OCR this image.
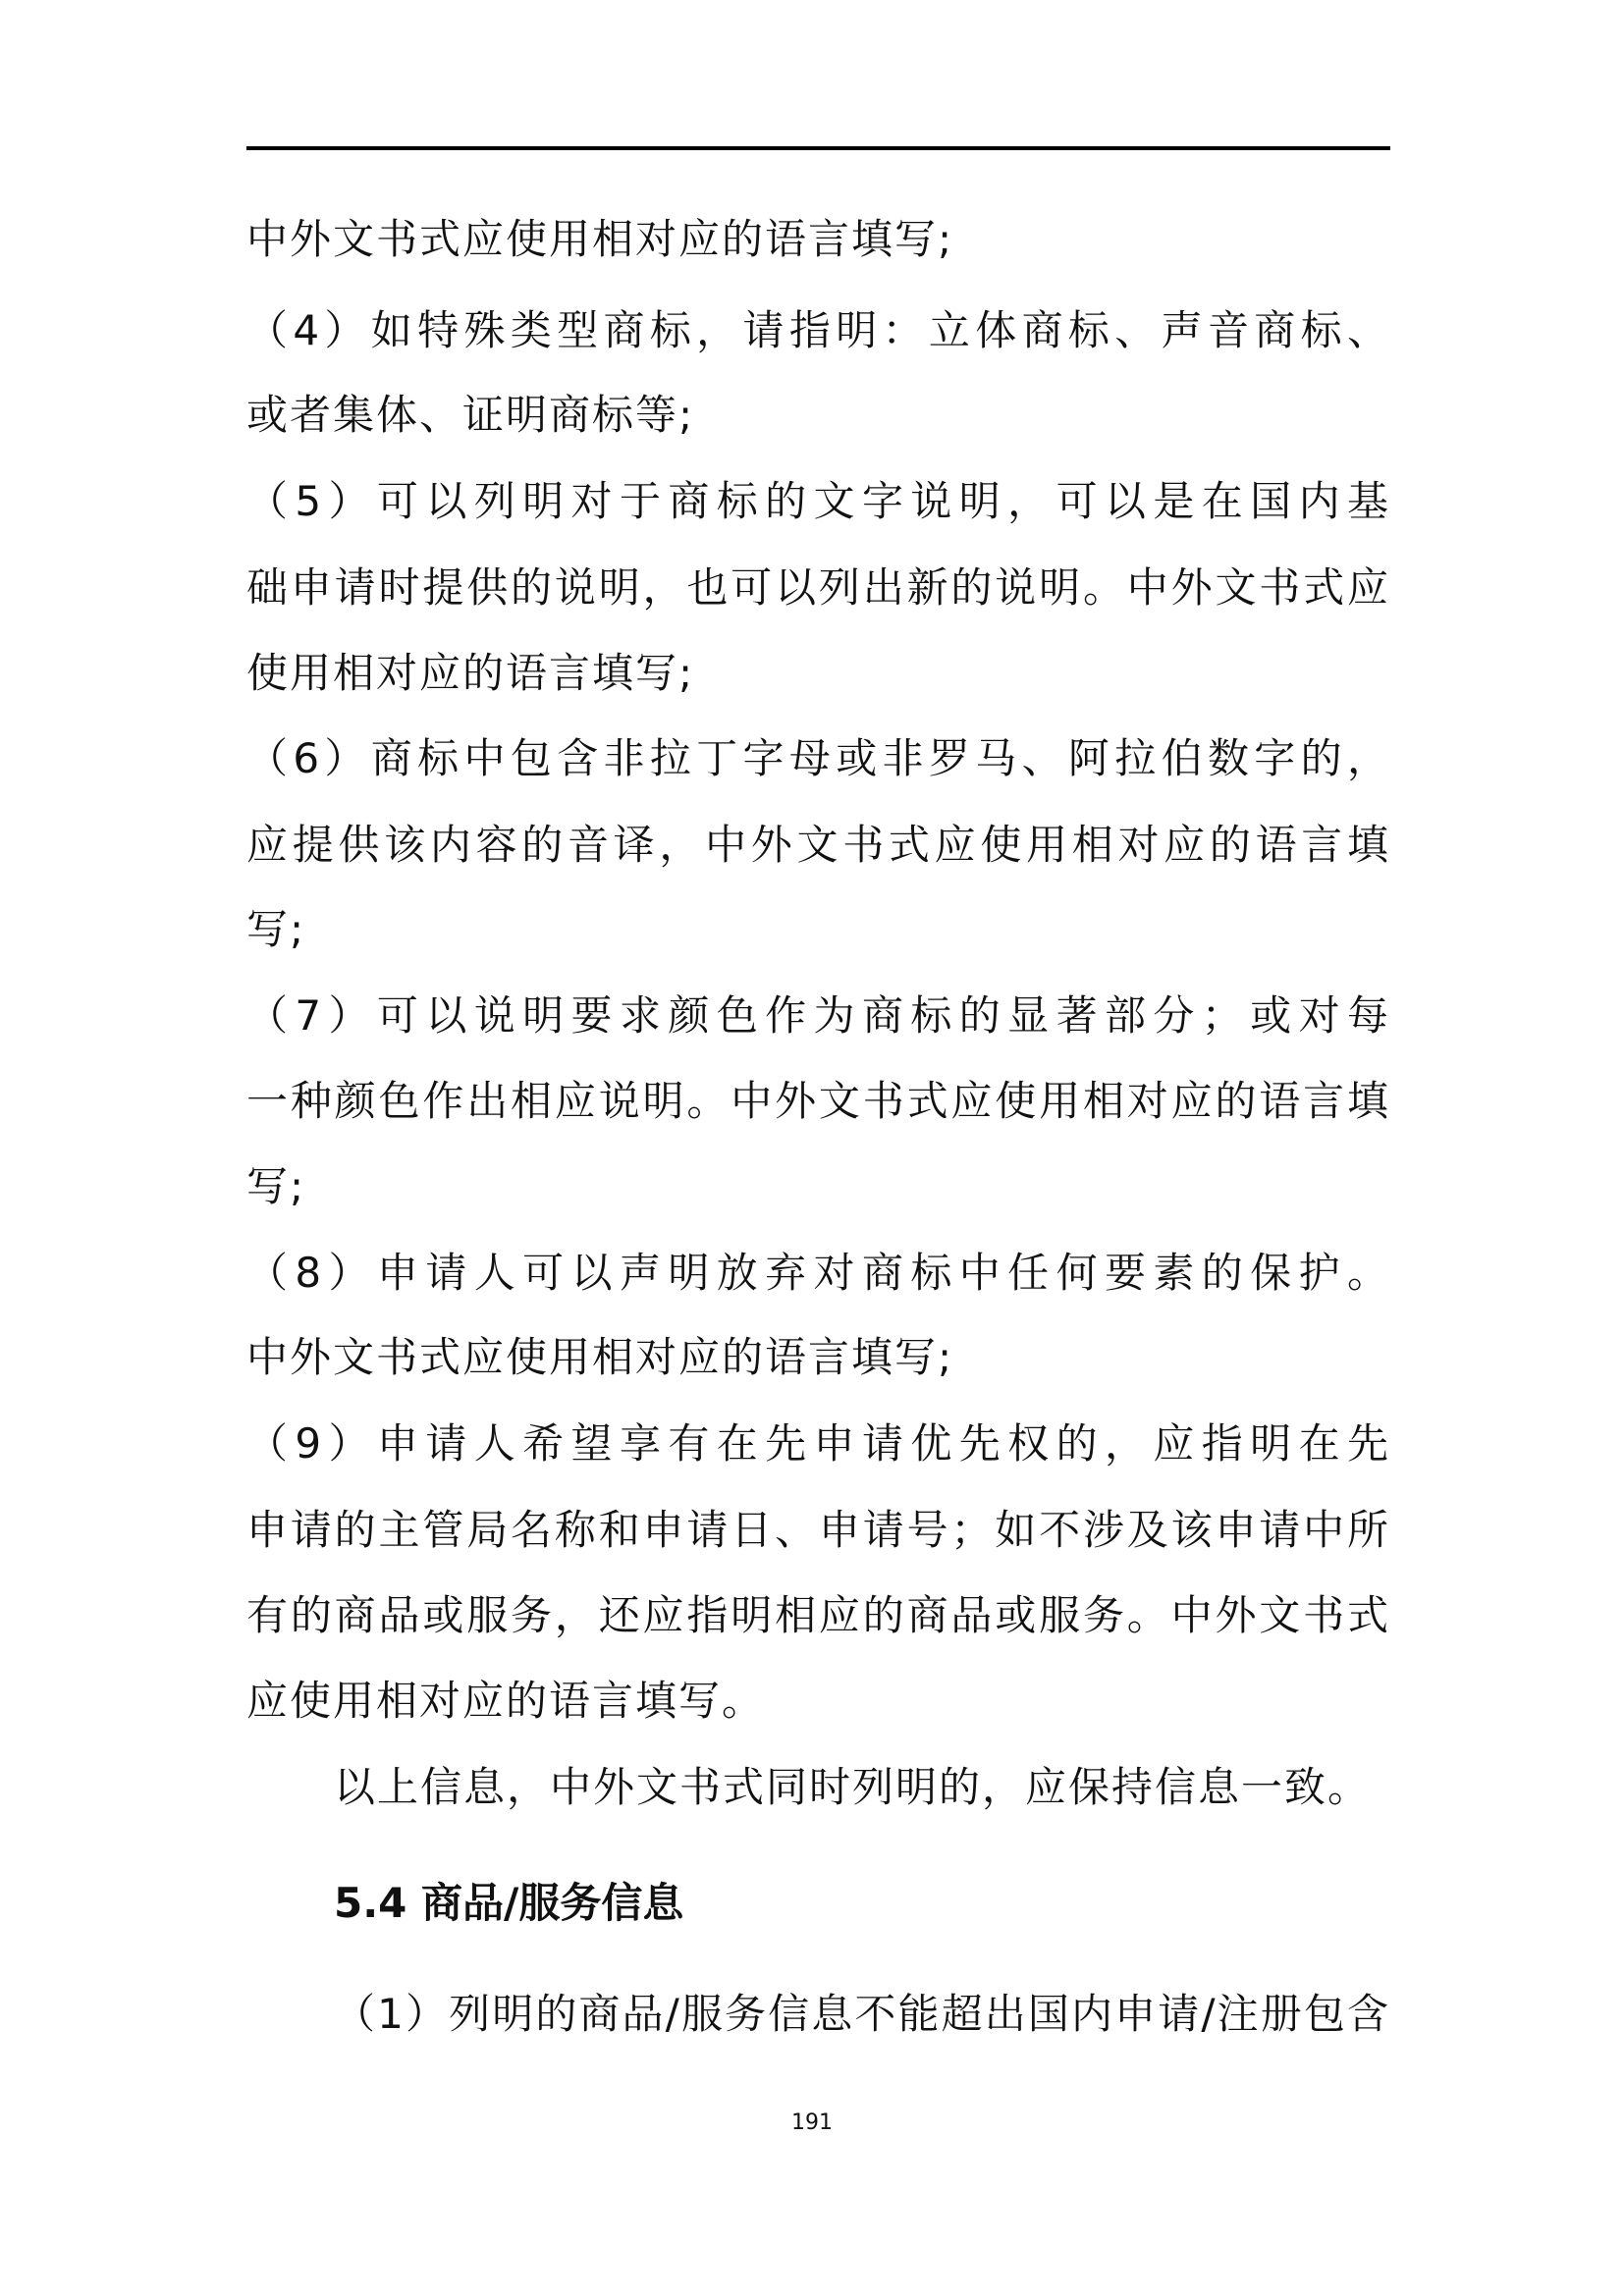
中外文书式应使用相对应的语言填写;
（4）如特殊类型商标，请指明：立体商标、声音商标、
或者集体、证明商标等;
（5）可以列明对于商标的文字说明，可以是在国内基
础申请时提供的说明，也可以列出新的说明。中外文书式应
使用相对应的语言填写;
（6）商标中包含非拉丁字母或非罗马、阿拉伯数字的，
应提供该内容的音译，中外文书式应使用相对应的语言填
写;
（7）可以说明要求颜色作为商标的显著部分；或对每
一种颜色作出相应说明。中外文书式应使用相对应的语言填
写;
（8）申请人可以声明放弃对商标中任何要素的保护。
中外文书式应使用相对应的语言填写;
（9）申请人希望享有在先申请优先权的，应指明在先
申请的主管局名称和申请日、申请号；如不涉及该申请中所
有的商品或服务，还应指明相应的商品或服务。中外文书式
应使用相对应的语言填写。
以上信息，中外文书式同时列明的，应保持信息一致。
5.4 商品/服务信息
（1）列明的商品/服务信息不能超出国内申请/注册包含
191
